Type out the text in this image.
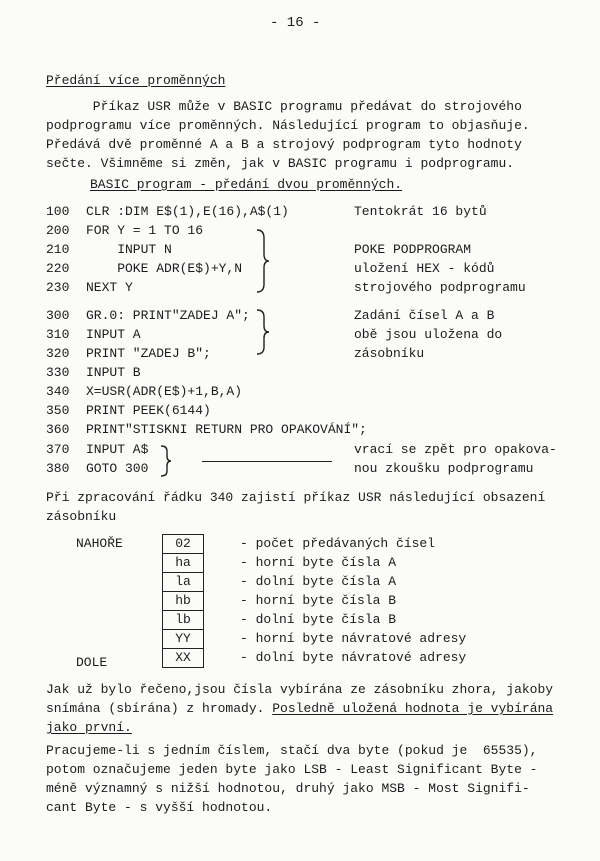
- 16 -
Předání více proměnných
Příkaz USR může v BASIC programu předávat do strojového
podprogramu více proměnných. Následující program to objasňuje.
Předává dvě proměnné A a B a strojový podprogram tyto hodnoty
sečte. Všimněme si změn, jak v BASIC programu i podprogramu.
BASIC program - předání dvou proměnných.
100 CLR :DIM E$(1),E(16),A$(1)
200 FOR Y = 1 TO 16
210    INPUT N
220    POKE ADR(E$)+Y,N
230 NEXT Y
300 GR.0: PRINT"ZADEJ A";
310 INPUT A
320 PRINT "ZADEJ B";
330 INPUT B
340 X=USR(ADR(E$)+1,B,A)
350 PRINT PEEK(6144)
360 PRINT"STISKNI RETURN PRO OPAKOVÁNÍ";
370 INPUT A$
380 GOTO 300
Tentokrát 16 bytů
POKE PODPROGRAM
uložení HEX - kódů
strojového podprogramu
Zadání čísel A a B
obě jsou uložena do
zásobníku
vrací se zpět pro opakova-
nou zkoušku podprogramu
Při zpracování řádku 340 zajistí příkaz USR následující obsazení
zásobníku
NAHOŘE
DOLE
02
ha
la
hb
lb
YY
XX
- počet předávaných čísel
- horní byte čísla A
- dolní byte čísla A
- horní byte čísla B
- dolní byte čísla B
- horní byte návratové adresy
- dolní byte návratové adresy
Jak už bylo řečeno,jsou čísla vybírána ze zásobníku zhora, jakoby
snímána (sbírána) z hromady. Posledně uložená hodnota je vybírána
jako první.
Pracujeme-li s jedním číslem, stačí dva byte (pokud je  65535),
potom označujeme jeden byte jako LSB - Least Significant Byte -
méně významný s nižší hodnotou, druhý jako MSB - Most Signifi-
cant Byte - s vyšší hodnotou.
